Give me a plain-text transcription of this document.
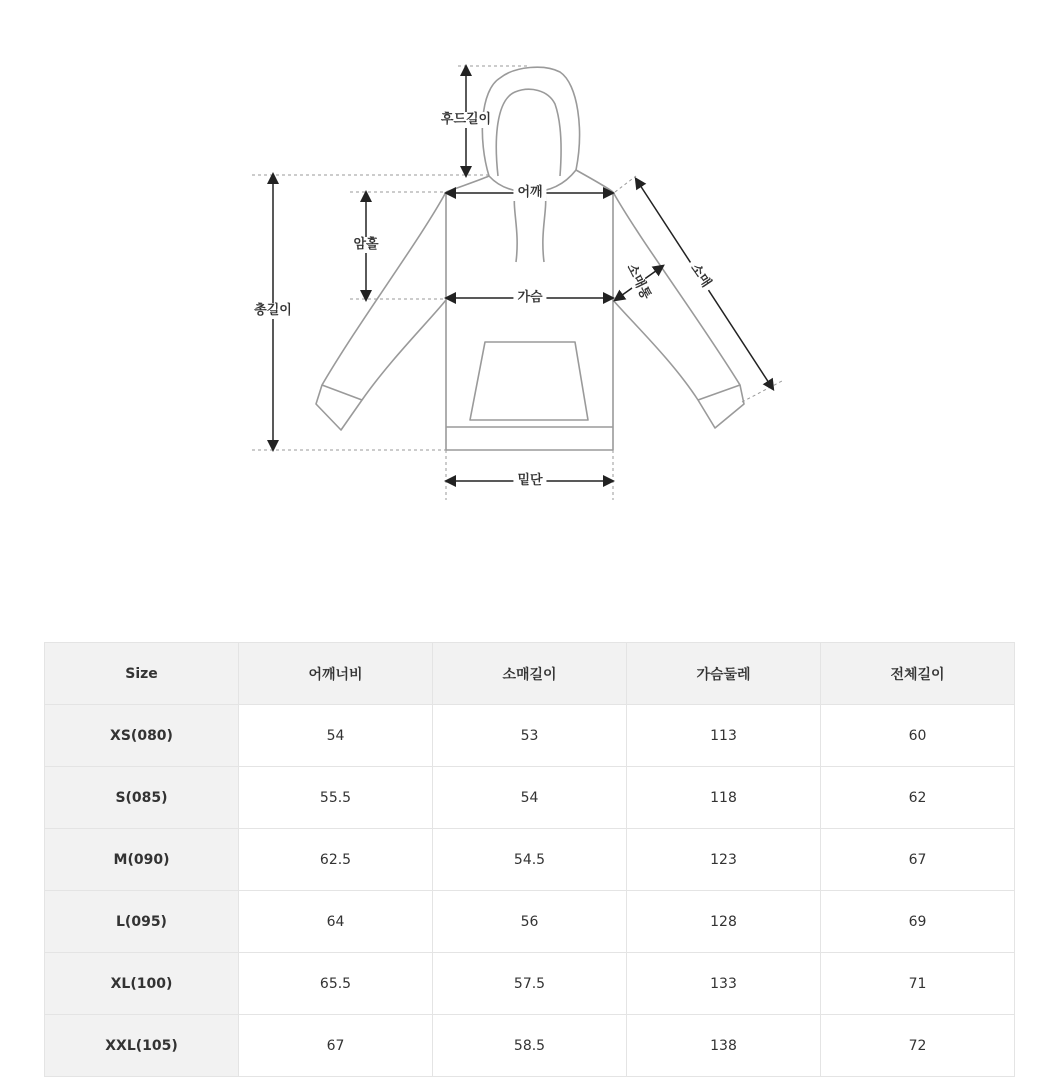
후드길이
어깨
암홀
총길이
가슴	소매통	소매
밑단
Size	어깨너비	소매길이	가슴둘레	전체길이
XS(080)	54	53	113	60
S(085)	55.5	54	118	62
M(090)	62.5	54.5	123	67
L(095)	64	56	128	69
XL(100)	65.5	57.5	133	71
XXL(105)	67	58.5	138	72
